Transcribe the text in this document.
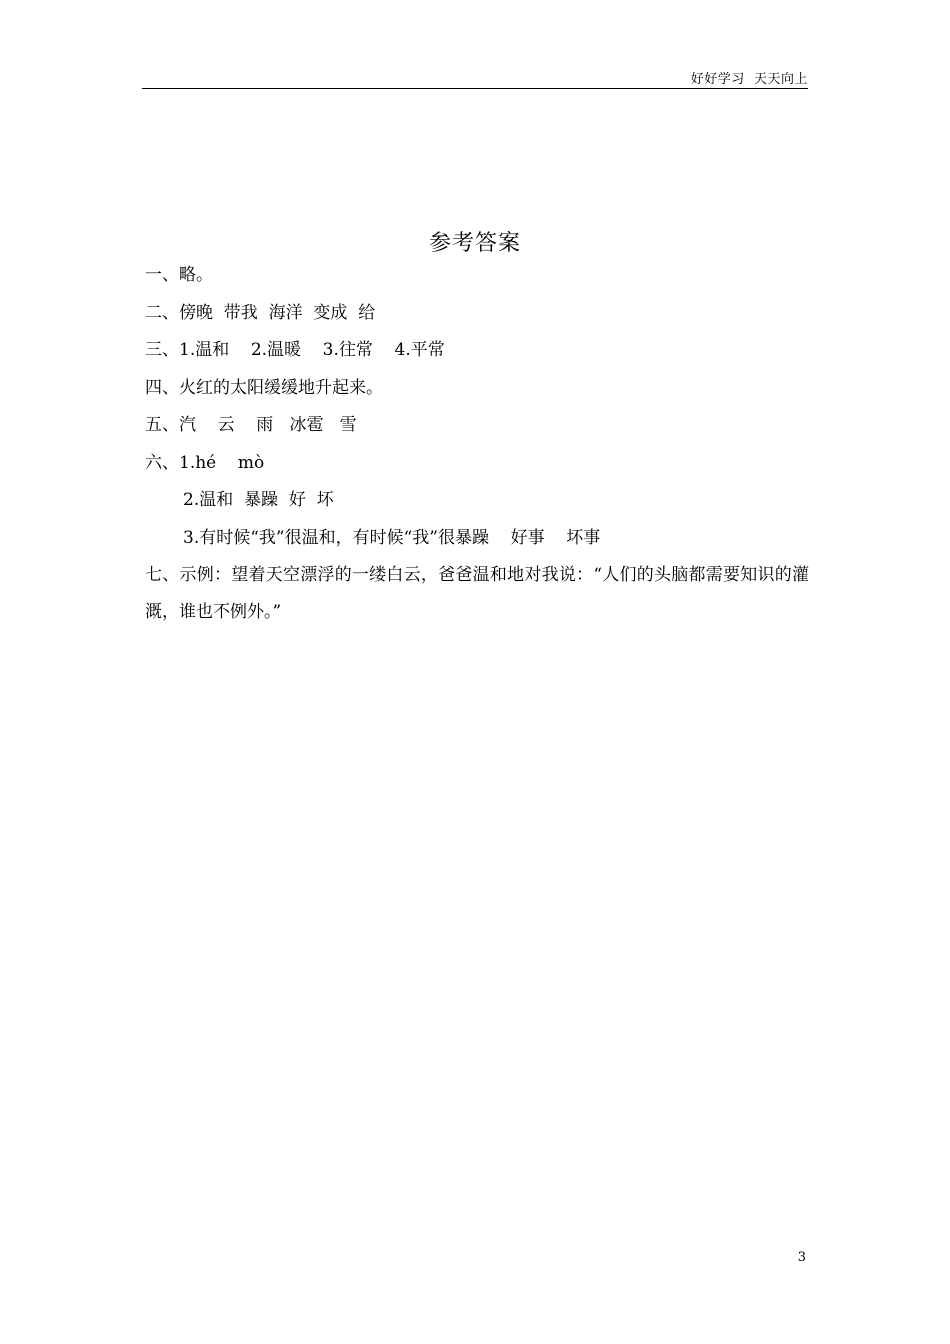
好好学习  天天向上
参考答案
一、略。
二、傍晚  带我  海洋  变成  给
三、1.温和    2.温暖    3.往常    4.平常
四、火红的太阳缓缓地升起来。
五、汽    云    雨   冰雹   雪
六、1.hé    mò
2.温和  暴躁  好  坏
3.有时候“我”很温和，有时候“我”很暴躁    好事    坏事
七、示例：望着天空漂浮的一缕白云，爸爸温和地对我说：“人们的头脑都需要知识的灌溉，谁也不例外。”
3
